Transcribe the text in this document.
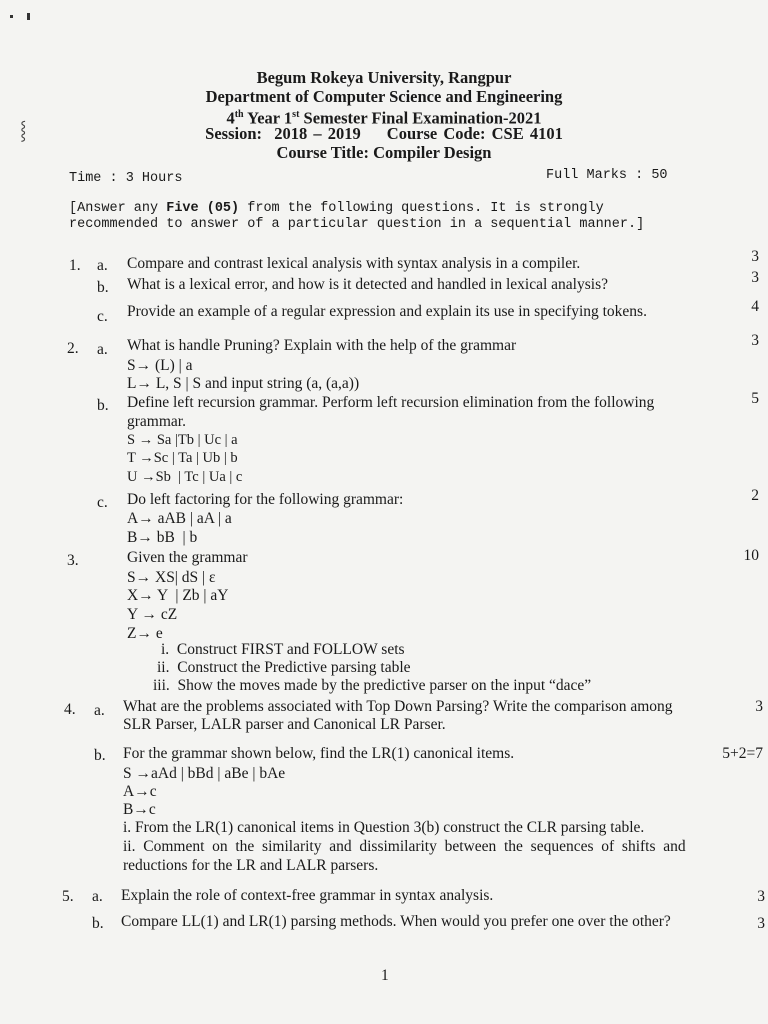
⸾
Begum Rokeya University, Rangpur
Department of Computer Science and Engineering
4th Year 1st Semester Final Examination-2021
Session:  2018 – 2019 Course Code: CSE 4101
Course Title: Compiler Design
Time : 3 Hours	Full Marks : 50
[Answer any Five (05) from the following questions. It is strongly
recommended to answer of a particular question in a sequential manner.]
1. a. Compare and contrast lexical analysis with syntax analysis in a compiler.	3
b. What is a lexical error, and how is it detected and handled in lexical analysis?	3
c. Provide an example of a regular expression and explain its use in specifying tokens.	4
2. a. What is handle Pruning? Explain with the help of the grammar	3
S→ (L) | a
L→ L, S | S and input string (a, (a,a))
b. Define left recursion grammar. Perform left recursion elimination from the following	5
grammar.
S → Sa |Tb | Uc | a
T →Sc | Ta | Ub | b
U →Sb  | Tc | Ua | c
c. Do left factoring for the following grammar:	2
A→ aAB | aA | a
B→ bB  | b
3.	Given the grammar	10
S→ XS| dS | ε
X→ Y  | Zb | aY
Y → cZ
Z→ e
i.  Construct FIRST and FOLLOW sets
ii.  Construct the Predictive parsing table
iii.  Show the moves made by the predictive parser on the input “dace”
4. a. What are the problems associated with Top Down Parsing? Write the comparison among	3
SLR Parser, LALR parser and Canonical LR Parser.
b. For the grammar shown below, find the LR(1) canonical items.	5+2=7
S →aAd | bBd | aBe | bAe
A→c
B→c
i. From the LR(1) canonical items in Question 3(b) construct the CLR parsing table.
ii.  Comment  on  the  similarity  and  dissimilarity  between  the  sequences  of  shifts  and
reductions for the LR and LALR parsers.
5. a. Explain the role of context-free grammar in syntax analysis.	3
b. Compare LL(1) and LR(1) parsing methods. When would you prefer one over the other?	3
1
